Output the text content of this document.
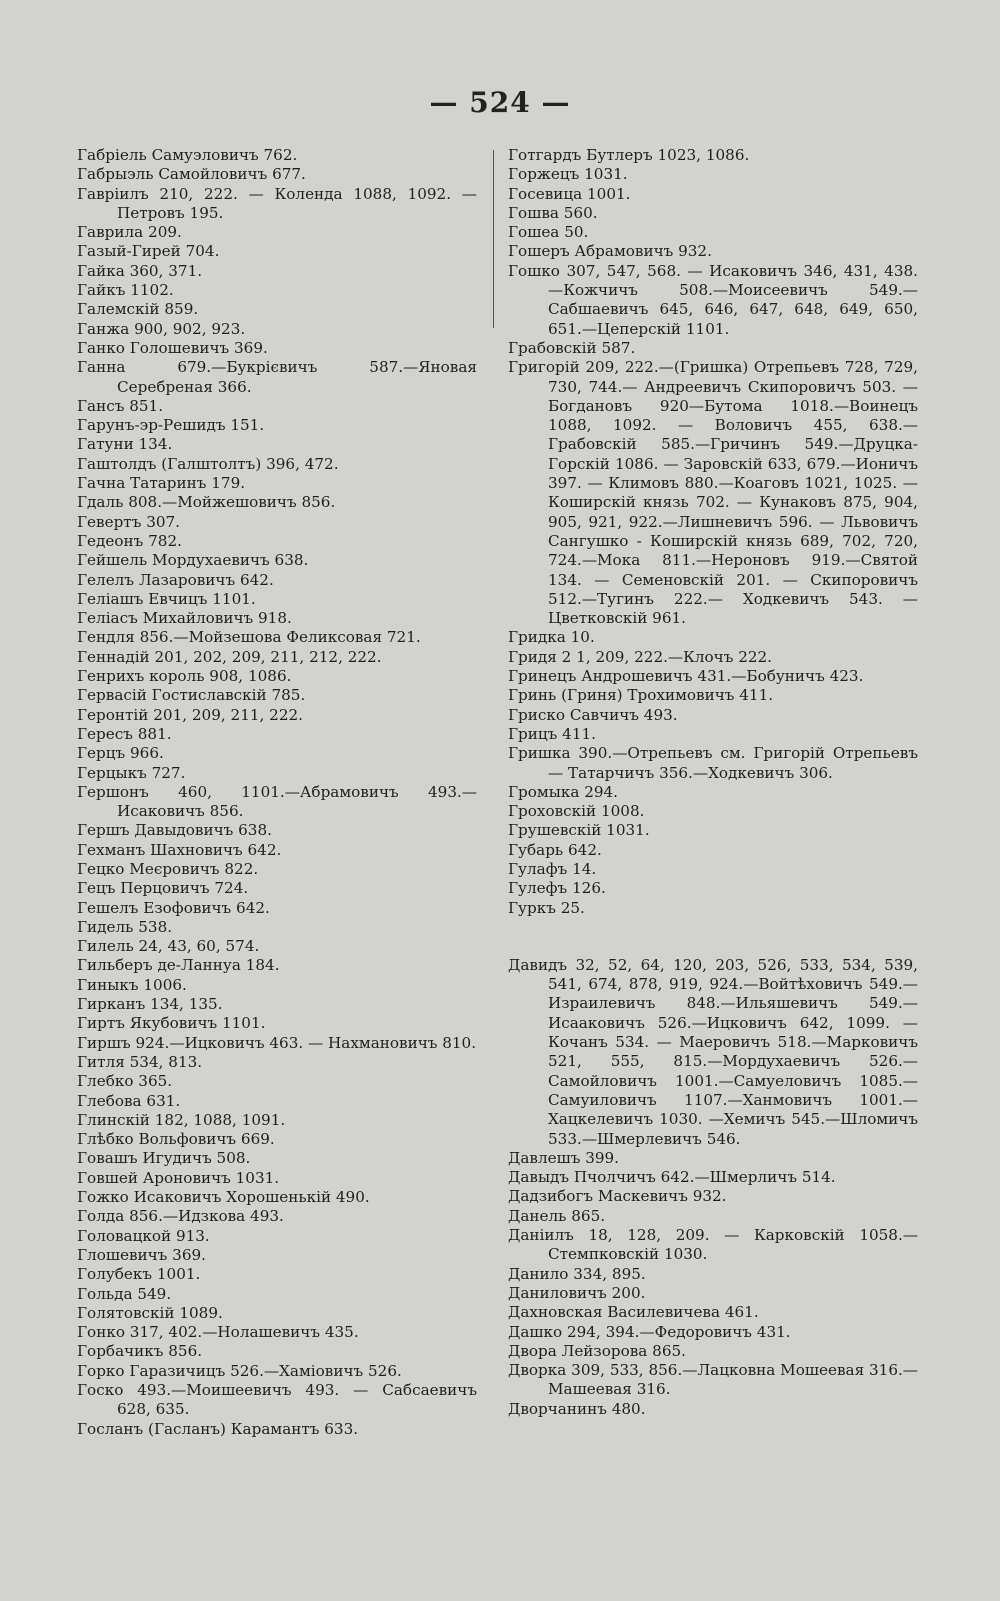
— 524 —

Габріель Самуэловичъ 762.

Габрыэль Самойловичъ 677.

Гавріилъ 210, 222. — Коленда 1088, 1092. — Петровъ 195.

Гаврила 209.

Газый-Гирей 704.

Гайка 360, 371.

Гайкъ 1102.

Галемскій 859.

Ганжа 900, 902, 923.

Ганко Голошевичъ 369.

Ганна 679.—Букрієвичъ 587.—Яновая Серебреная 366.

Гансъ 851.

Гарунъ-эр-Решидъ 151.

Гатуни 134.

Гаштолдъ (Галштолтъ) 396, 472.

Гачна Татаринъ 179.

Гдаль 808.—Мойжешовичъ 856.

Гевертъ 307.

Гедеонъ 782.

Гейшель Мордухаевичъ 638.

Гелелъ Лазаровичъ 642.

Геліашъ Евчицъ 1101.

Геліасъ Михайловичъ 918.

Гендля 856.—Мойзешова Феликсовая 721.

Геннадій 201, 202, 209, 211, 212, 222.

Генрихъ король 908, 1086.

Гервасій Гостиславскій 785.

Геронтій 201, 209, 211, 222.

Гересъ 881.

Герцъ 966.

Герцыкъ 727.

Гершонъ 460, 1101.—Абрамовичъ 493.—Исаковичъ 856.

Гершъ Давыдовичъ 638.

Гехманъ Шахновичъ 642.

Гецко Меєровичъ 822.

Гецъ Перцовичъ 724.

Гешелъ Езофовичъ 642.

Гидель 538.

Гилель 24, 43, 60, 574.

Гильберъ де-Ланнуа 184.

Гиныкъ 1006.

Гирканъ 134, 135.

Гиртъ Якубовичъ 1101.

Гиршъ 924.—Ицковичъ 463. — Нахмановичъ 810.

Гитля 534, 813.

Глебко 365.

Глебова 631.

Глинскій 182, 1088, 1091.

Глѣбко Вольфовичъ 669.

Говашъ Игудичъ 508.

Говшей Ароновичъ 1031.

Гожко Исаковичъ Хорошенькій 490.

Голда 856.—Идзкова 493.

Головацкой 913.

Глошевичъ 369.

Голубекъ 1001.

Гольда 549.

Голятовскій 1089.

Гонко 317, 402.—Нолашевичъ 435.

Горбачикъ 856.

Горко Гаразичицъ 526.—Хаміовичъ 526.

Госко 493.—Моишеевичъ 493. — Сабсаевичъ 628, 635.

Госланъ (Гасланъ) Карамантъ 633.

Готгардъ Бутлеръ 1023, 1086.

Горжецъ 1031.

Госевица 1001.

Гошва 560.

Гошеа 50.

Гошеръ Абрамовичъ 932.

Гошко 307, 547, 568. — Исаковичъ 346, 431, 438.—Кожчичъ 508.—Моисеевичъ 549.—Сабшаевичъ 645, 646, 647, 648, 649, 650, 651.—Цеперскій 1101.

Грабовскій 587.

Григорій 209, 222.—(Гришка) Отрепьевъ 728, 729, 730, 744.— Андреевичъ Скипоровичъ 503. — Богдановъ 920—Бутома 1018.—Воинецъ 1088, 1092. — Воловичъ 455, 638.—Грабовскій 585.—Гричинъ 549.—Друцка-Горскій 1086. — Заровскій 633, 679.—Ионичъ 397. — Климовъ 880.—Коаговъ 1021, 1025. — Коширскій князь 702. — Кунаковъ 875, 904, 905, 921, 922.—Лишневичъ 596. — Львовичъ Сангушко - Коширскій князь 689, 702, 720, 724.—Мока 811.—Нероновъ 919.—Святой 134. — Семеновскій 201. — Скипоровичъ 512.—Тугинъ 222.— Ходкевичъ 543. — Цветковскій 961.

Гридка 10.

Гридя 2 1, 209, 222.—Клочъ 222.

Гринецъ Андрошевичъ 431.—Бобуничъ 423.

Гринь (Гриня) Трохимовичъ 411.

Гриско Савчичъ 493.

Грицъ 411.

Гришка 390.—Отрепьевъ см. Григорій Отрепьевъ — Татарчичъ 356.—Ходкевичъ 306.

Громыка 294.

Гроховскій 1008.

Грушевскій 1031.

Губарь 642.

Гулафъ 14.

Гулефъ 126.

Гуркъ 25.

Давидъ 32, 52, 64, 120, 203, 526, 533, 534, 539, 541, 674, 878, 919, 924.—Войтѣховичъ 549.—Израилевичъ 848.—Ильяшевичъ 549.—Исааковичъ 526.—Ицковичъ 642, 1099. — Кочанъ 534. — Маеровичъ 518.—Марковичъ 521, 555, 815.—Мордухаевичъ 526.—Самойловичъ 1001.—Самуеловичъ 1085.—Самуиловичъ 1107.—Ханмовичъ 1001.—Хацкелевичъ 1030. —Хемичъ 545.—Шломичъ 533.—Шмерлевичъ 546.

Давлешъ 399.

Давыдъ Пчолчичъ 642.—Шмерличъ 514.

Дадзибогъ Маскевичъ 932.

Данель 865.

Даніилъ 18, 128, 209. — Карковскій 1058.—Стемпковскій 1030.

Данило 334, 895.

Даниловичъ 200.

Дахновская Василевичева 461.

Дашко 294, 394.—Федоровичъ 431.

Двора Лейзорова 865.

Дворка 309, 533, 856.—Лацковна Мошеевая 316.—Машеевая 316.

Дворчанинъ 480.
